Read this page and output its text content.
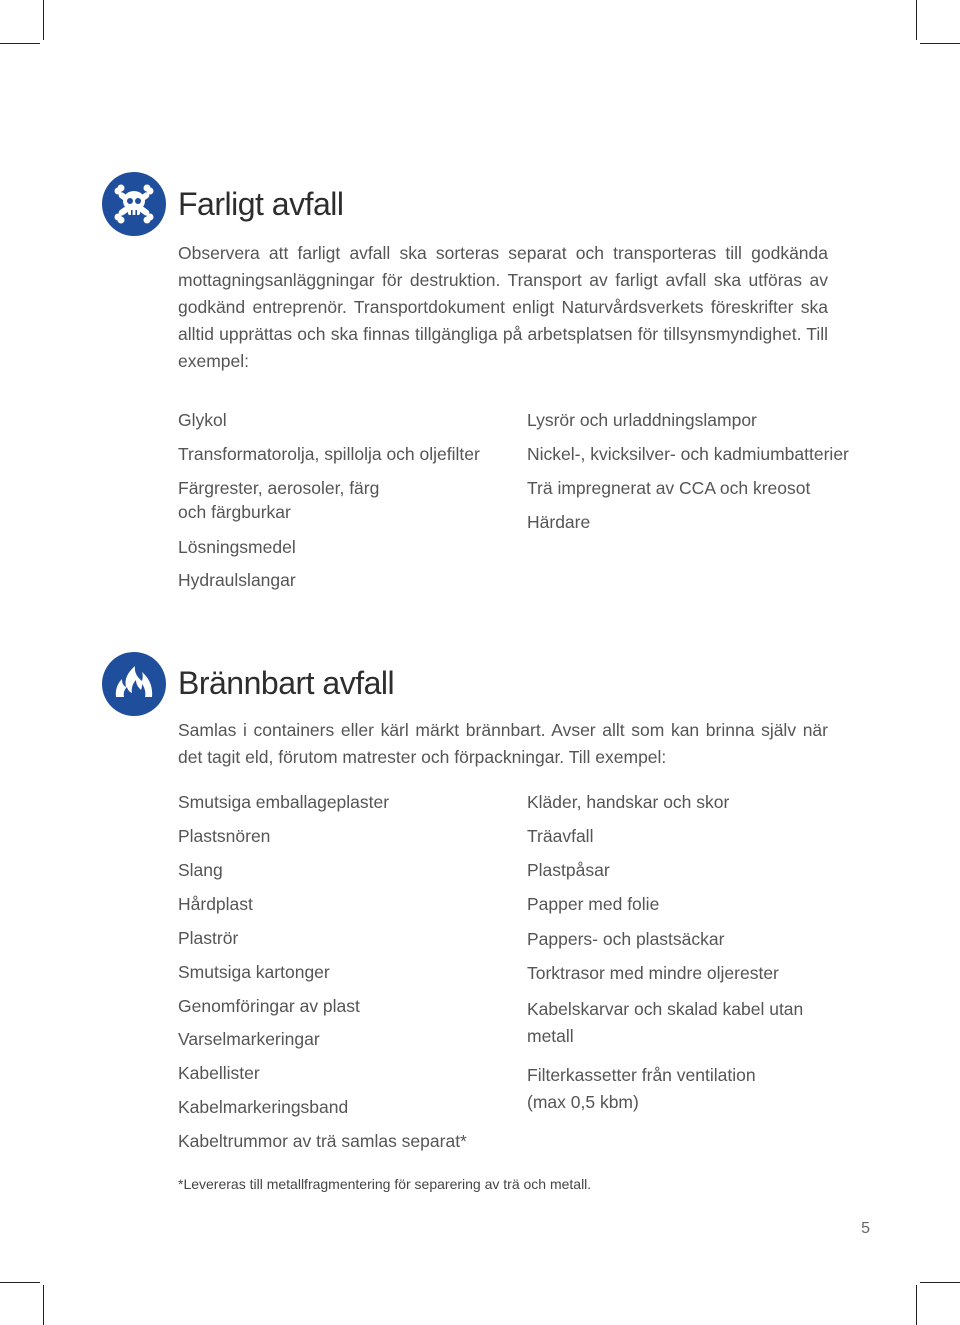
Farligt avfall

Observera att farligt avfall ska sorteras separat och transporteras till godkända mottagningsanläggningar för destruktion. Transport av farligt avfall ska utföras av godkänd entreprenör. Transportdokument enligt Naturvårdsverkets föreskrifter ska alltid upprättas och ska finnas tillgängliga på arbetsplatsen för tillsynsmyndighet. Till exempel:

Glykol
Transformatorolja, spillolja och oljefilter
Färgrester, aerosoler, färg
och färgburkar
Lösningsmedel
Hydraulslangar
Lysrör och urladdningslampor
Nickel-, kvicksilver- och kadmiumbatterier
Trä impregnerat av CCA och kreosot
Härdare
Brännbart avfall

Samlas i containers eller kärl märkt brännbart. Avser allt som kan brinna själv när det tagit eld, förutom matrester och förpackningar. Till exempel:

Smutsiga emballageplaster
Plastsnören
Slang
Hårdplast
Plaströr
Smutsiga kartonger
Genomföringar av plast
Varselmarkeringar
Kabellister
Kabelmarkeringsband
Kabeltrummor av trä samlas separat*
Kläder, handskar och skor
Träavfall
Plastpåsar
Papper med folie
Pappers- och plastsäckar
Torktrasor med mindre oljerester
Kabelskarvar och skalad kabel utan
metall
Filterkassetter från ventilation
(max 0,5 kbm)

*Levereras till metallfragmentering för separering av trä och metall.

5
